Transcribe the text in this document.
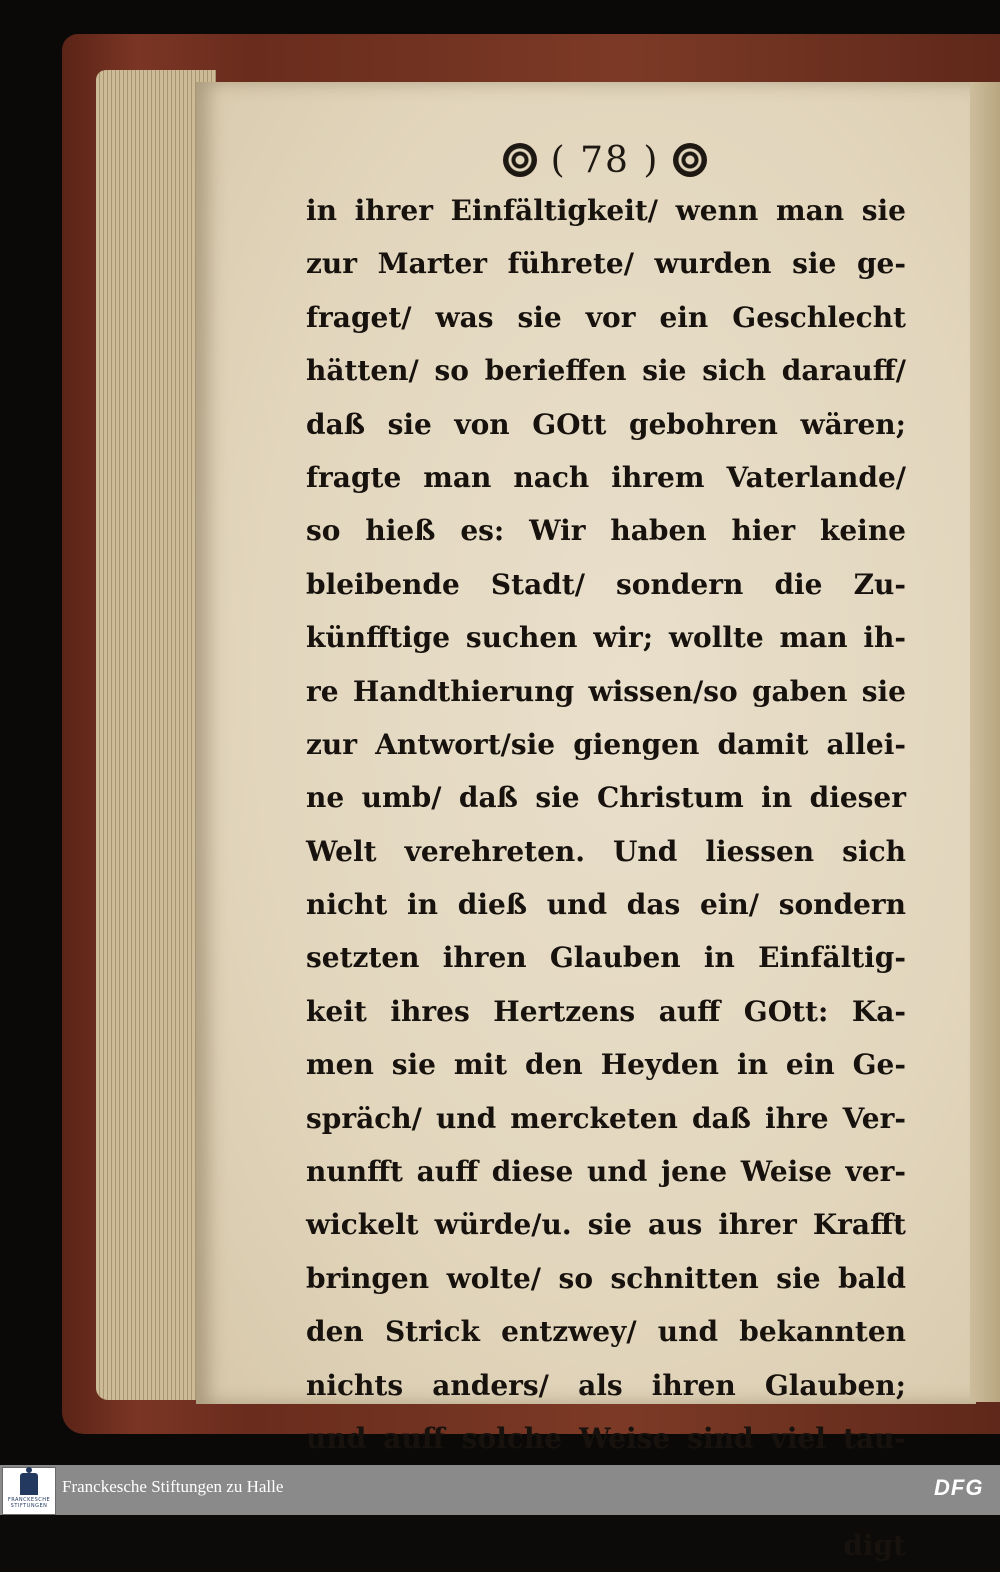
( 78 )
in ihrer Einfältigkeit/ wenn man sie
zur Marter führete/ wurden sie ge-
fraget/ was sie vor ein Geschlecht
hätten/ so berieffen sie sich darauff/
daß sie von GOtt gebohren wären;
fragte man nach ihrem Vaterlande/
so hieß es: Wir haben hier keine
bleibende Stadt/ sondern die Zu-
künfftige suchen wir; wollte man ih-
re Handthierung wissen/so gaben sie
zur Antwort/sie giengen damit allei-
ne umb/ daß sie Christum in dieser
Welt verehreten. Und liessen sich
nicht in dieß und das ein/ sondern
setzten ihren Glauben in Einfältig-
keit ihres Hertzens auff GOtt: Ka-
men sie mit den Heyden in ein Ge-
spräch/ und mercketen daß ihre Ver-
nunfft auff diese und jene Weise ver-
wickelt würde/u. sie aus ihrer Krafft
bringen wolte/ so schnitten sie bald
den Strick entzwey/ und bekannten
nichts anders/ als ihren Glauben;
und auff solche Weise sind viel tau-
digt
FRANCKESCHE STIFTUNGEN
Franckesche Stiftungen zu Halle	DFG
